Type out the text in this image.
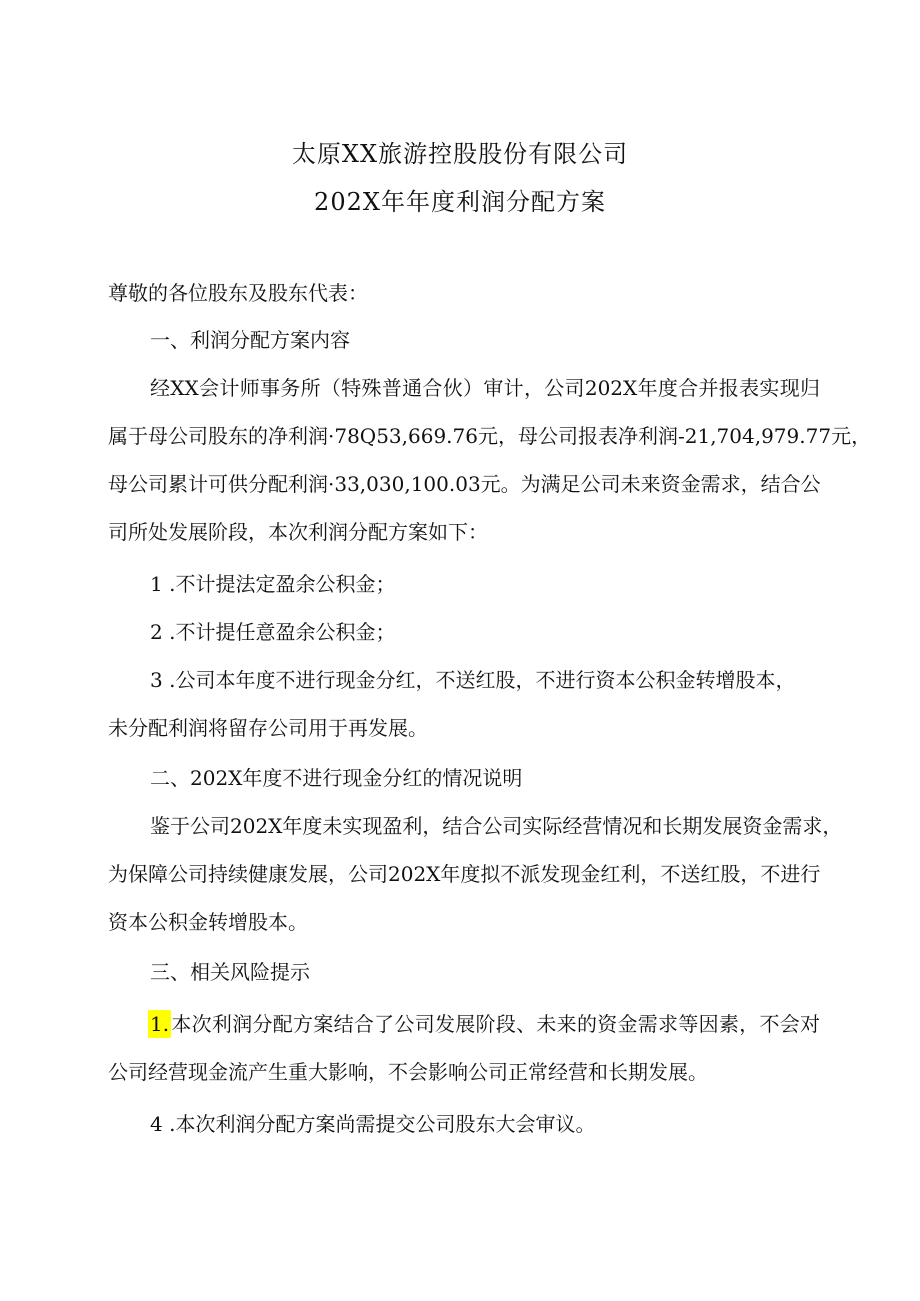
太原XX旅游控股股份有限公司
202X年年度利润分配方案
尊敬的各位股东及股东代表：
一、利润分配方案内容
经XX会计师事务所（特殊普通合伙）审计，公司202X年度合并报表实现归
属于母公司股东的净利润·78Q53,669.76元，母公司报表净利润-21,704,979.77元，
母公司累计可供分配利润·33,030,100.03元。为满足公司未来资金需求，结合公
司所处发展阶段，本次利润分配方案如下：
1 .不计提法定盈余公积金；
2 .不计提任意盈余公积金；
3 .公司本年度不进行现金分红，不送红股，不进行资本公积金转增股本，
未分配利润将留存公司用于再发展。
二、202X年度不进行现金分红的情况说明
鉴于公司202X年度未实现盈利，结合公司实际经营情况和长期发展资金需求，
为保障公司持续健康发展，公司202X年度拟不派发现金红利，不送红股，不进行
资本公积金转增股本。
三、相关风险提示
1. 本次利润分配方案结合了公司发展阶段、未来的资金需求等因素，不会对
公司经营现金流产生重大影响，不会影响公司正常经营和长期发展。
4 .本次利润分配方案尚需提交公司股东大会审议。
